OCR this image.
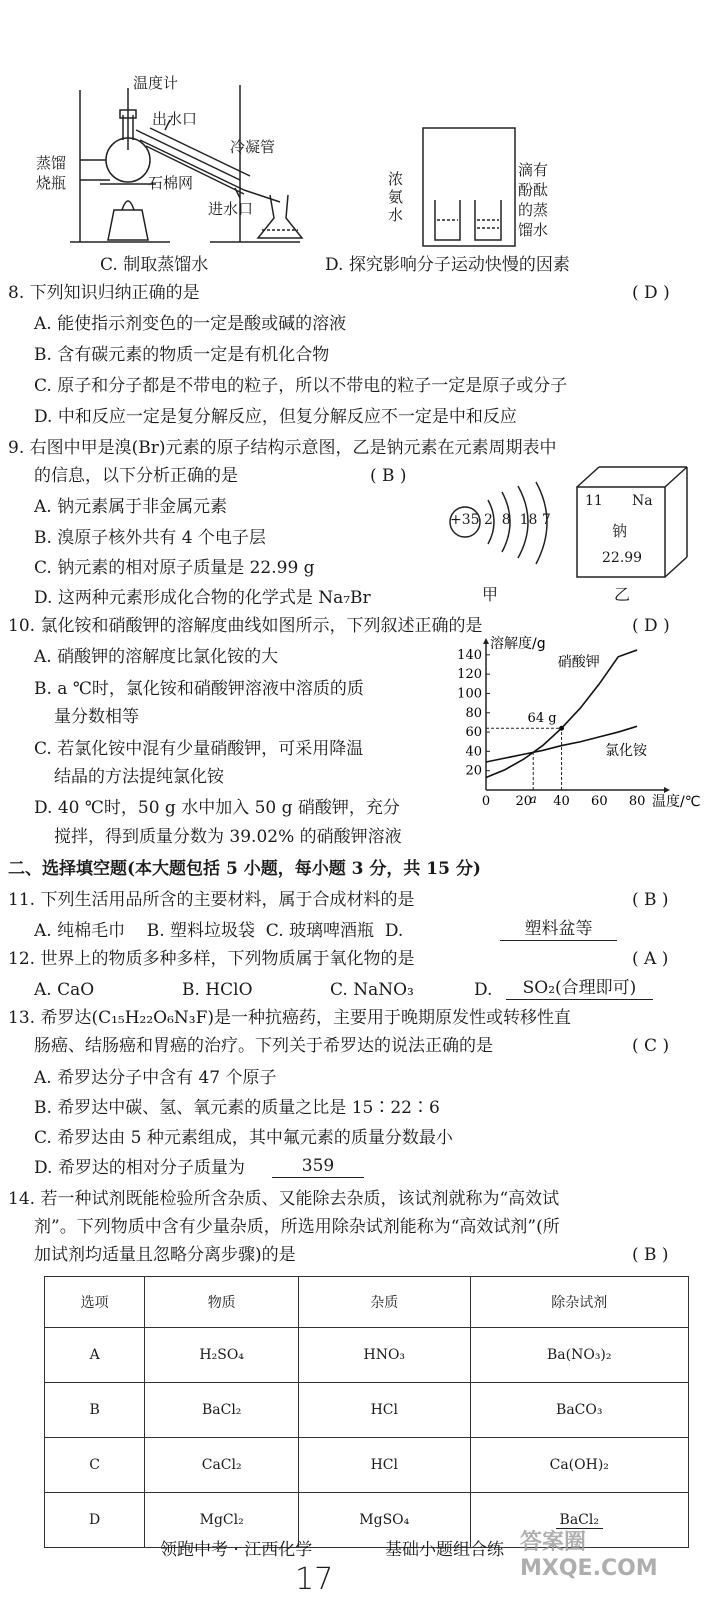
温度计
出水口
冷凝管
蒸馏
烧瓶	石棉网
进水口
C. 制取蒸馏水
浓
氨
水
滴有
酚酞
的蒸
馏水
D. 探究影响分子运动快慢的因素
8. 下列知识归纳正确的是	( D )
A. 能使指示剂变色的一定是酸或碱的溶液
B. 含有碳元素的物质一定是有机化合物
C. 原子和分子都是不带电的粒子，所以不带电的粒子一定是原子或分子
D. 中和反应一定是复分解反应，但复分解反应不一定是中和反应
9. 右图中甲是溴(Br)元素的原子结构示意图，乙是钠元素在元素周期表中
的信息，以下分析正确的是	( B )
A. 钠元素属于非金属元素
B. 溴原子核外共有 4 个电子层
C. 钠元素的相对原子质量是 22.99 g
D. 这两种元素形成化合物的化学式是 Na₇Br
+35 2  8  18 7
甲
11 Na
钠
22.99
乙
10. 氯化铵和硝酸钾的溶解度曲线如图所示，下列叙述正确的是	( D )
A. 硝酸钾的溶解度比氯化铵的大
B. a ℃时，氯化铵和硝酸钾溶液中溶质的质
量分数相等
C. 若氯化铵中混有少量硝酸钾，可采用降温
结晶的方法提纯氯化铵
D. 40 ℃时，50 g 水中加入 50 g 硝酸钾，充分
搅拌，得到质量分数为 39.02% 的硝酸钾溶液
20
40
60
80
100
120
140
0 20 40 60 80
a
溶解度/g
温度/℃
硝酸钾
氯化铵
64 g
二、选择填空题(本大题包括 5 小题，每小题 3 分，共 15 分)
11. 下列生活用品所含的主要材料，属于合成材料的是	( B )
A. 纯棉毛巾    B. 塑料垃圾袋  C. 玻璃啤酒瓶  D.	塑料盆等
12. 世界上的物质多种多样，下列物质属于氧化物的是	( A )
A. CaO	B. HClO	C. NaNO₃	D.	SO₂(合理即可)
13. 希罗达(C₁₅H₂₂O₆N₃F)是一种抗癌药，主要用于晚期原发性或转移性直
肠癌、结肠癌和胃癌的治疗。下列关于希罗达的说法正确的是	( C )
A. 希罗达分子中含有 47 个原子
B. 希罗达中碳、氢、氧元素的质量之比是 15∶22∶6
C. 希罗达由 5 种元素组成，其中氟元素的质量分数最小
D. 希罗达的相对分子质量为	359
14. 若一种试剂既能检验所含杂质、又能除去杂质，该试剂就称为“高效试
剂”。下列物质中含有少量杂质，所选用除杂试剂能称为“高效试剂”(所
加试剂均适量且忽略分离步骤)的是	( B )
选项	物质	杂质	除杂试剂
A	H₂SO₄	HNO₃	Ba(NO₃)₂
B	BaCl₂	HCl	BaCO₃
C	CaCl₂	HCl	Ca(OH)₂
D	MgCl₂	MgSO₄	BaCl₂
领跑中考 · 江西化学	基础小题组合练
17
答案圈 MXQE.COM
